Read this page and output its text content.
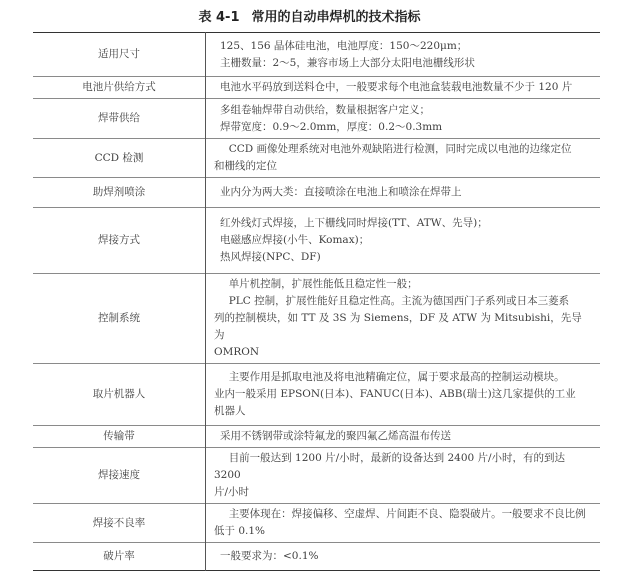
表 4-1 常用的自动串焊机的技术指标
适用尺寸	125、156 晶体硅电池，电池厚度：150～220μm；
主栅数量：2～5，兼容市场上大部分太阳电池栅线形状

电池片供给方式	电池水平码放到送料仓中，一般要求每个电池盒装载电池数量不少于 120 片

焊带供给	多组卷轴焊带自动供给，数量根据客户定义；
焊带宽度：0.9～2.0mm，厚度：0.2～0.3mm

CCD 检测	CCD 画像处理系统对电池外观缺陷进行检测，同时完成以电池的边缘定位
和栅线的定位

助焊剂喷涂	业内分为两大类：直接喷涂在电池上和喷涂在焊带上

焊接方式	红外线灯式焊接，上下栅线同时焊接(TT、ATW、先导)；
电磁感应焊接(小牛、Komax)；
热风焊接(NPC、DF)

控制系统	单片机控制，扩展性能低且稳定性一般；
PLC 控制，扩展性能好且稳定性高。主流为德国西门子系列或日本三菱系
列的控制模块，如 TT 及 3S 为 Siemens，DF 及 ATW 为 Mitsubishi，先导为
OMRON

取片机器人	主要作用是抓取电池及将电池精确定位，属于要求最高的控制运动模块。
业内一般采用 EPSON(日本)、FANUC(日本)、ABB(瑞士)这几家提供的工业
机器人

传输带	采用不锈钢带或涂特氟龙的聚四氟乙烯高温布传送

焊接速度	目前一般达到 1200 片/小时，最新的设备达到 2400 片/小时，有的到达 3200
片/小时

焊接不良率	主要体现在：焊接偏移、空虚焊、片间距不良、隐裂破片。一般要求不良比例
低于 0.1%

破片率	一般要求为：<0.1%
